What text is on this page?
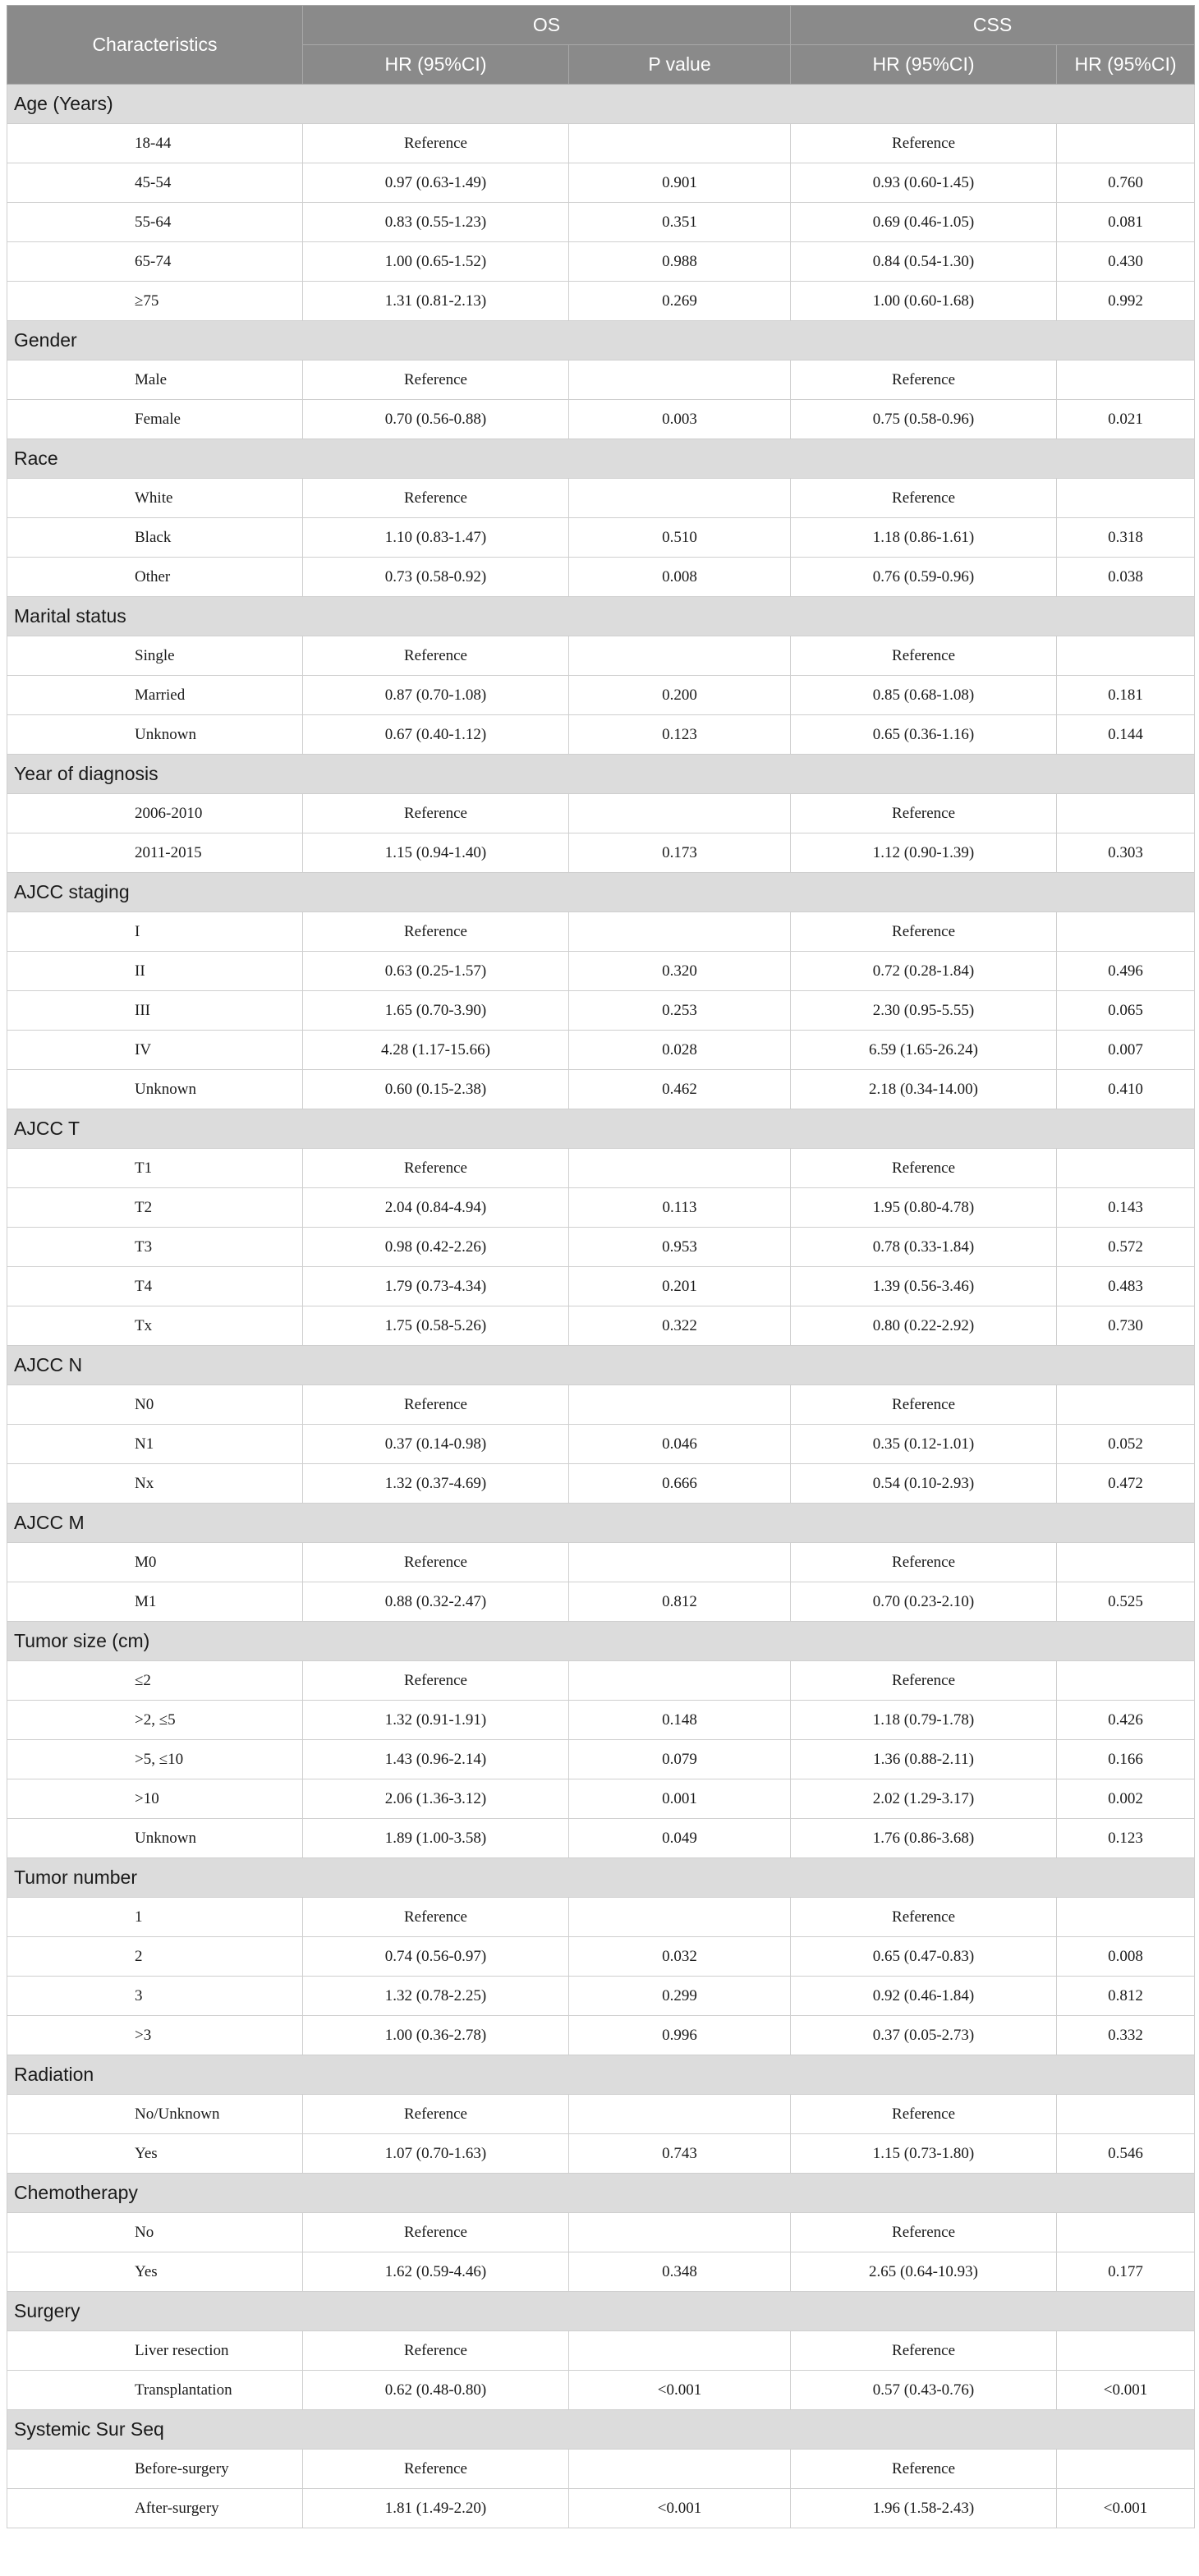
Characteristics	OS		CSS	
	HR (95%CI)	P value	HR (95%CI)	HR (95%CI)
Age (Years)				
18-44	Reference		Reference	
45-54	0.97 (0.63-1.49)	0.901	0.93 (0.60-1.45)	0.760
55-64	0.83 (0.55-1.23)	0.351	0.69 (0.46-1.05)	0.081
65-74	1.00 (0.65-1.52)	0.988	0.84 (0.54-1.30)	0.430
≥75	1.31 (0.81-2.13)	0.269	1.00 (0.60-1.68)	0.992
Gender				
Male	Reference		Reference	
Female	0.70 (0.56-0.88)	0.003	0.75 (0.58-0.96)	0.021
Race				
White	Reference		Reference	
Black	1.10 (0.83-1.47)	0.510	1.18 (0.86-1.61)	0.318
Other	0.73 (0.58-0.92)	0.008	0.76 (0.59-0.96)	0.038
Marital status				
Single	Reference		Reference	
Married	0.87 (0.70-1.08)	0.200	0.85 (0.68-1.08)	0.181
Unknown	0.67 (0.40-1.12)	0.123	0.65 (0.36-1.16)	0.144
Year of diagnosis				
2006-2010	Reference		Reference	
2011-2015	1.15 (0.94-1.40)	0.173	1.12 (0.90-1.39)	0.303
AJCC staging				
I	Reference		Reference	
II	0.63 (0.25-1.57)	0.320	0.72 (0.28-1.84)	0.496
III	1.65 (0.70-3.90)	0.253	2.30 (0.95-5.55)	0.065
IV	4.28 (1.17-15.66)	0.028	6.59 (1.65-26.24)	0.007
Unknown	0.60 (0.15-2.38)	0.462	2.18 (0.34-14.00)	0.410
AJCC T				
T1	Reference		Reference	
T2	2.04 (0.84-4.94)	0.113	1.95 (0.80-4.78)	0.143
T3	0.98 (0.42-2.26)	0.953	0.78 (0.33-1.84)	0.572
T4	1.79 (0.73-4.34)	0.201	1.39 (0.56-3.46)	0.483
Tx	1.75 (0.58-5.26)	0.322	0.80 (0.22-2.92)	0.730
AJCC N				
N0	Reference		Reference	
N1	0.37 (0.14-0.98)	0.046	0.35 (0.12-1.01)	0.052
Nx	1.32 (0.37-4.69)	0.666	0.54 (0.10-2.93)	0.472
AJCC M				
M0	Reference		Reference	
M1	0.88 (0.32-2.47)	0.812	0.70 (0.23-2.10)	0.525
Tumor size (cm)				
≤2	Reference		Reference	
>2, ≤5	1.32 (0.91-1.91)	0.148	1.18 (0.79-1.78)	0.426
>5, ≤10	1.43 (0.96-2.14)	0.079	1.36 (0.88-2.11)	0.166
>10	2.06 (1.36-3.12)	0.001	2.02 (1.29-3.17)	0.002
Unknown	1.89 (1.00-3.58)	0.049	1.76 (0.86-3.68)	0.123
Tumor number				
1	Reference		Reference	
2	0.74 (0.56-0.97)	0.032	0.65 (0.47-0.83)	0.008
3	1.32 (0.78-2.25)	0.299	0.92 (0.46-1.84)	0.812
>3	1.00 (0.36-2.78)	0.996	0.37 (0.05-2.73)	0.332
Radiation				
No/Unknown	Reference		Reference	
Yes	1.07 (0.70-1.63)	0.743	1.15 (0.73-1.80)	0.546
Chemotherapy				
No	Reference		Reference	
Yes	1.62 (0.59-4.46)	0.348	2.65 (0.64-10.93)	0.177
Surgery				
Liver resection	Reference		Reference	
Transplantation	0.62 (0.48-0.80)	<0.001	0.57 (0.43-0.76)	<0.001
Systemic Sur Seq				
Before-surgery	Reference		Reference	
After-surgery	1.81 (1.49-2.20)	<0.001	1.96 (1.58-2.43)	<0.001
